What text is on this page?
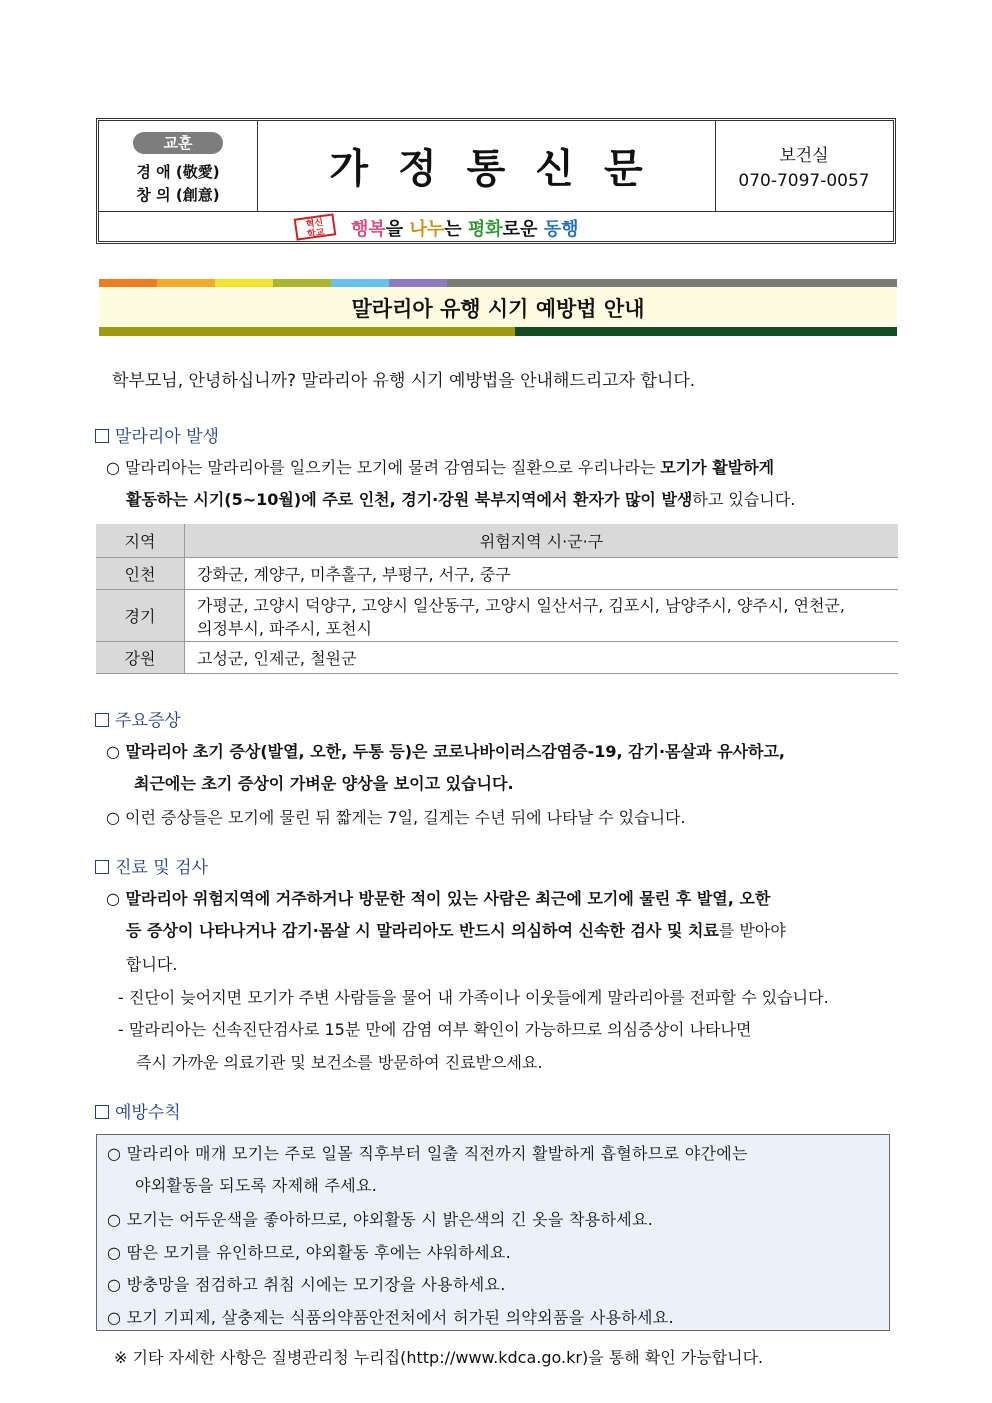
교훈
경 애 (敬愛)
창 의 (創意)
가정통신문	보건실
070-7097-0057
혁신
학교	행복을 나누는 평화로운 동행
말라리아 유행 시기 예방법 안내
학부모님, 안녕하십니까? 말라리아 유행 시기 예방법을 안내해드리고자 합니다.
말라리아 발생
○ 말라리아는 말라리아를 일으키는 모기에 물려 감염되는 질환으로 우리나라는 모기가 활발하게
활동하는 시기(5~10월)에 주로 인천, 경기·강원 북부지역에서 환자가 많이 발생하고 있습니다.
지역	위험지역 시·군·구
인천	강화군, 계양구, 미추홀구, 부평구, 서구, 중구
경기	가평군, 고양시 덕양구, 고양시 일산동구, 고양시 일산서구, 김포시, 남양주시, 양주시, 연천군,
의정부시, 파주시, 포천시

강원	고성군, 인제군, 철원군
주요증상
○ 말라리아 초기 증상(발열, 오한, 두통 등)은 코로나바이러스감염증-19, 감기·몸살과 유사하고,
최근에는 초기 증상이 가벼운 양상을 보이고 있습니다.
○ 이런 증상들은 모기에 물린 뒤 짧게는 7일, 길게는 수년 뒤에 나타날 수 있습니다.
진료 및 검사
○ 말라리아 위험지역에 거주하거나 방문한 적이 있는 사람은 최근에 모기에 물린 후 발열, 오한
등 증상이 나타나거나 감기·몸살 시 말라리아도 반드시 의심하여 신속한 검사 및 치료를 받아야
합니다.
- 진단이 늦어지면 모기가 주변 사람들을 물어 내 가족이나 이웃들에게 말라리아를 전파할 수 있습니다.
- 말라리아는 신속진단검사로 15분 만에 감염 여부 확인이 가능하므로 의심증상이 나타나면
즉시 가까운 의료기관 및 보건소를 방문하여 진료받으세요.
예방수칙
○ 말라리아 매개 모기는 주로 일몰 직후부터 일출 직전까지 활발하게 흡혈하므로 야간에는
야외활동을 되도록 자제해 주세요.
○ 모기는 어두운색을 좋아하므로, 야외활동 시 밝은색의 긴 옷을 착용하세요.
○ 땀은 모기를 유인하므로, 야외활동 후에는 샤워하세요.
○ 방충망을 점검하고 취침 시에는 모기장을 사용하세요.
○ 모기 기피제, 살충제는 식품의약품안전처에서 허가된 의약외품을 사용하세요.
※ 기타 자세한 사항은 질병관리청 누리집(http://www.kdca.go.kr)을 통해 확인 가능합니다.
